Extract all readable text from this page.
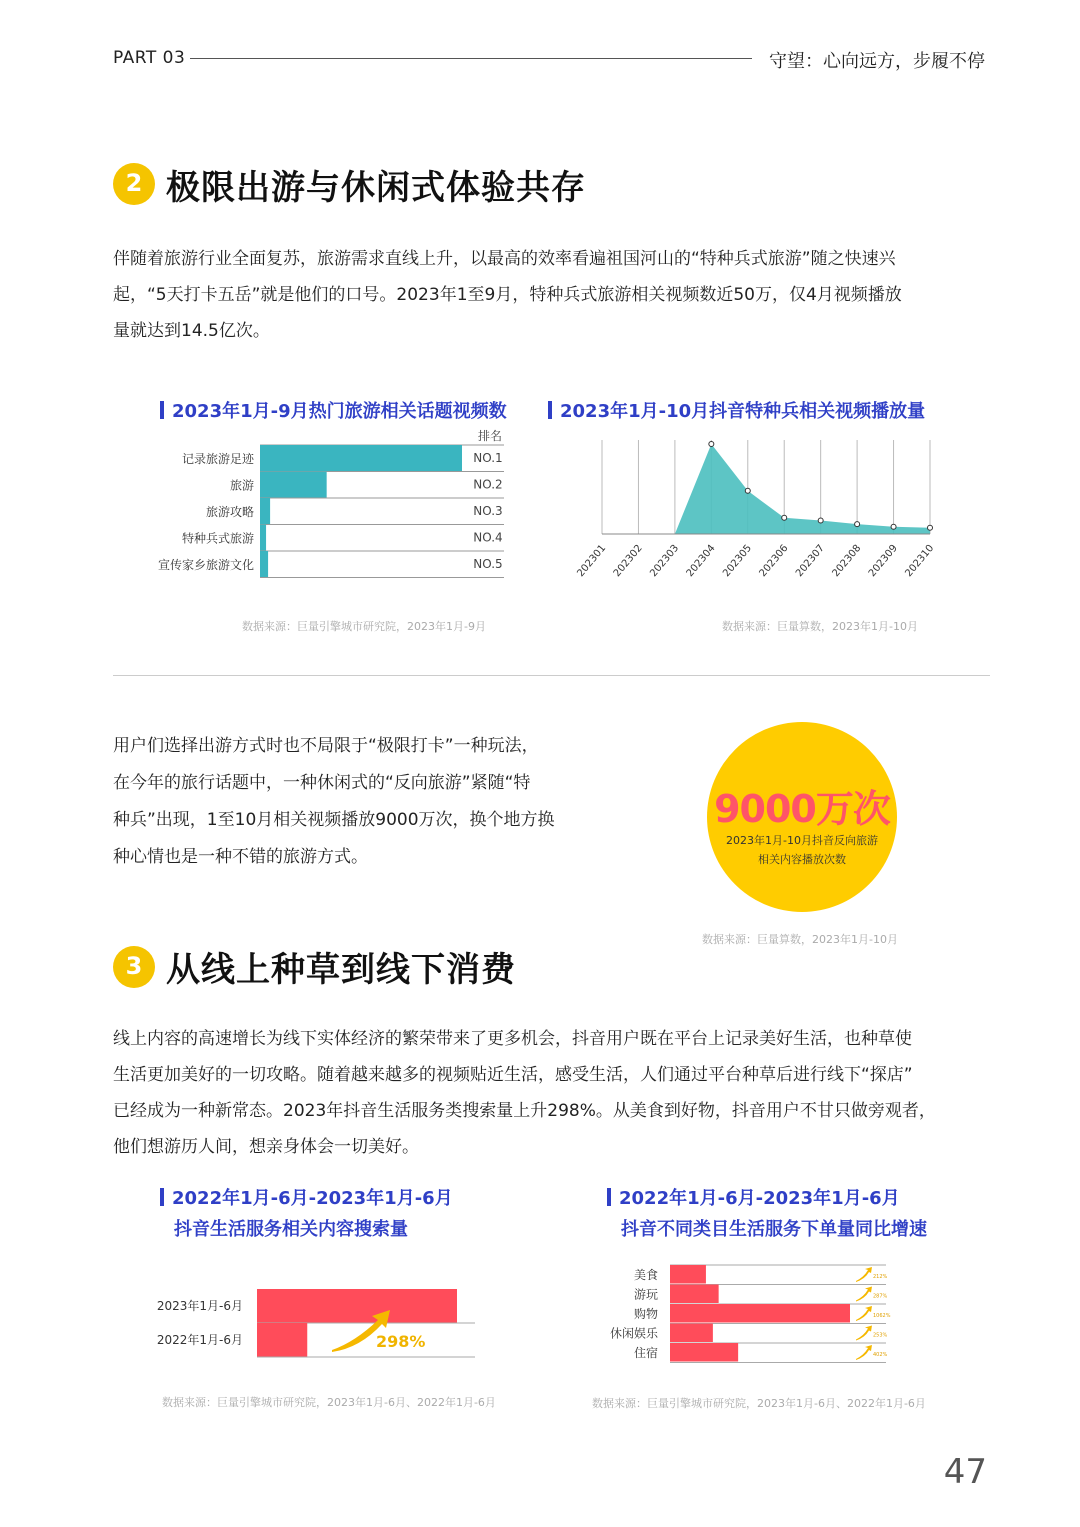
PART 03	守望：心向远方，步履不停
2 极限出游与休闲式体验共存
伴随着旅游行业全面复苏，旅游需求直线上升，以最高的效率看遍祖国河山的“特种兵式旅游”随之快速兴
起，“5天打卡五岳”就是他们的口号。2023年1至9月，特种兵式旅游相关视频数近50万，仅4月视频播放
量就达到14.5亿次。
2023年1月-9月热门旅游相关话题视频数
排名
记录旅游足迹	NO.1
旅游	NO.2
旅游攻略	NO.3
特种兵式旅游	NO.4
宣传家乡旅游文化	NO.5
数据来源：巨量引擎城市研究院，2023年1月-9月
2023年1月-10月抖音特种兵相关视频播放量
202301 202302 202303 202304 202305 202306 202307 202308 202309 202310
数据来源：巨量算数，2023年1月-10月
用户们选择出游方式时也不局限于“极限打卡”一种玩法，
在今年的旅行话题中，一种休闲式的“反向旅游”紧随“特
种兵”出现，1至10月相关视频播放9000万次，换个地方换
种心情也是一种不错的旅游方式。
9000万次
2023年1月-10月抖音反向旅游
相关内容播放次数
数据来源：巨量算数，2023年1月-10月
3 从线上种草到线下消费
线上内容的高速增长为线下实体经济的繁荣带来了更多机会，抖音用户既在平台上记录美好生活，也种草使
生活更加美好的一切攻略。随着越来越多的视频贴近生活，感受生活，人们通过平台种草后进行线下“探店”
已经成为一种新常态。2023年抖音生活服务类搜索量上升298%。从美食到好物，抖音用户不甘只做旁观者，
他们想游历人间，想亲身体会一切美好。
2022年1月-6月-2023年1月-6月
抖音生活服务相关内容搜索量
2023年1月-6月
2022年1月-6月	298%
数据来源：巨量引擎城市研究院，2023年1月-6月、2022年1月-6月
2022年1月-6月-2023年1月-6月
抖音不同类目生活服务下单量同比增速
美食	212%
游玩	287%
购物	1062%
休闲娱乐	253%
住宿	402%
数据来源：巨量引擎城市研究院，2023年1月-6月、2022年1月-6月
47
